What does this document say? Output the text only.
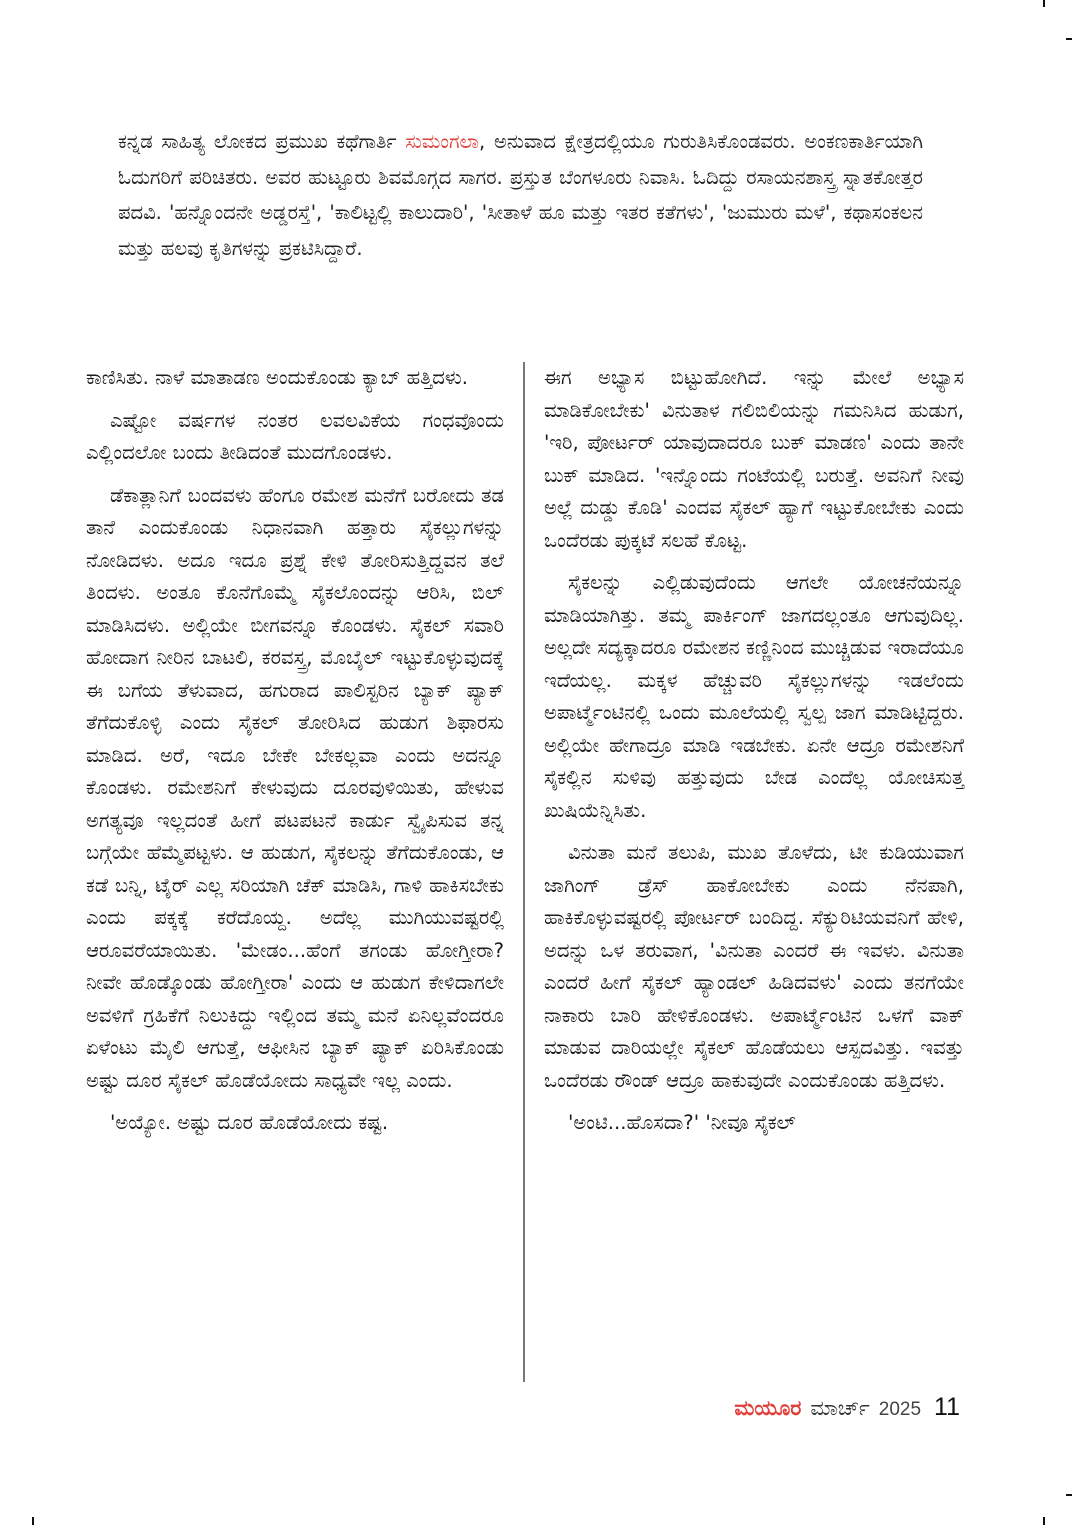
ಕನ್ನಡ ಸಾಹಿತ್ಯ ಲೋಕದ ಪ್ರಮುಖ ಕಥೆಗಾರ್ತಿ ಸುಮಂಗಲಾ, ಅನುವಾದ ಕ್ಷೇತ್ರದಲ್ಲಿಯೂ ಗುರುತಿಸಿಕೊಂಡವರು. ಅಂಕಣಕಾರ್ತಿಯಾಗಿ ಓದುಗರಿಗೆ ಪರಿಚಿತರು. ಅವರ ಹುಟ್ಟೂರು ಶಿವಮೊಗ್ಗದ ಸಾಗರ. ಪ್ರಸ್ತುತ ಬೆಂಗಳೂರು ನಿವಾಸಿ. ಓದಿದ್ದು ರಸಾಯನಶಾಸ್ತ್ರ ಸ್ನಾತಕೋತ್ತರ ಪದವಿ. 'ಹನ್ನೊಂದನೇ ಅಡ್ಡರಸ್ತೆ', 'ಕಾಲಿಟ್ಟಲ್ಲಿ ಕಾಲುದಾರಿ', 'ಸೀತಾಳೆ ಹೂ ಮತ್ತು ಇತರ ಕತೆಗಳು', 'ಜುಮುರು ಮಳೆ', ಕಥಾಸಂಕಲನ ಮತ್ತು ಹಲವು ಕೃತಿಗಳನ್ನು ಪ್ರಕಟಿಸಿದ್ದಾರೆ.

ಕಾಣಿಸಿತು. ನಾಳೆ ಮಾತಾಡಣ ಅಂದುಕೊಂಡು ಕ್ಯಾಬ್ ಹತ್ತಿದಳು.

ಎಷ್ಟೋ ವರ್ಷಗಳ ನಂತರ ಲವಲವಿಕೆಯ ಗಂಧವೊಂದು ಎಲ್ಲಿಂದಲೋ ಬಂದು ತೀಡಿದಂತೆ ಮುದಗೊಂಡಳು.

ಡೆಕಾತ್ಲಾನಿಗೆ ಬಂದವಳು ಹೆಂಗೂ ರಮೇಶ ಮನೆಗೆ ಬರೋದು ತಡ ತಾನೆ ಎಂದುಕೊಂಡು ನಿಧಾನವಾಗಿ ಹತ್ತಾರು ಸೈಕಲ್ಲುಗಳನ್ನು ನೋಡಿದಳು. ಅದೂ ಇದೂ ಪ್ರಶ್ನೆ ಕೇಳಿ ತೋರಿಸುತ್ತಿದ್ದವನ ತಲೆ ತಿಂದಳು. ಅಂತೂ ಕೊನೆಗೊಮ್ಮೆ ಸೈಕಲೊಂದನ್ನು ಆರಿಸಿ, ಬಿಲ್ ಮಾಡಿಸಿದಳು. ಅಲ್ಲಿಯೇ ಬೀಗವನ್ನೂ ಕೊಂಡಳು. ಸೈಕಲ್ ಸವಾರಿ ಹೋದಾಗ ನೀರಿನ ಬಾಟಲಿ, ಕರವಸ್ತ್ರ, ಮೊಬೈಲ್ ಇಟ್ಟುಕೊಳ್ಳುವುದಕ್ಕೆ ಈ ಬಗೆಯ ತೆಳುವಾದ, ಹಗುರಾದ ಪಾಲಿಸ್ಟರಿನ ಬ್ಯಾಕ್ ಪ್ಯಾಕ್ ತೆಗೆದುಕೊಳ್ಳಿ ಎಂದು ಸೈಕಲ್ ತೋರಿಸಿದ ಹುಡುಗ ಶಿಫಾರಸು ಮಾಡಿದ. ಅರೆ, ಇದೂ ಬೇಕೇ ಬೇಕಲ್ಲವಾ ಎಂದು ಅದನ್ನೂ ಕೊಂಡಳು. ರಮೇಶನಿಗೆ ಕೇಳುವುದು ದೂರವುಳಿಯಿತು, ಹೇಳುವ ಅಗತ್ಯವೂ ಇಲ್ಲದಂತೆ ಹೀಗೆ ಪಟಪಟನೆ ಕಾರ್ಡು ಸ್ವೈಪಿಸುವ ತನ್ನ ಬಗ್ಗೆಯೇ ಹೆಮ್ಮೆಪಟ್ಟಳು. ಆ ಹುಡುಗ, ಸೈಕಲನ್ನು ತೆಗೆದುಕೊಂಡು, ಆ ಕಡೆ ಬನ್ನಿ, ಟೈರ್ ಎಲ್ಲ ಸರಿಯಾಗಿ ಚೆಕ್ ಮಾಡಿಸಿ, ಗಾಳಿ ಹಾಕಿಸಬೇಕು ಎಂದು ಪಕ್ಕಕ್ಕೆ ಕರೆದೊಯ್ದ. ಅದೆಲ್ಲ ಮುಗಿಯುವಷ್ಟರಲ್ಲಿ ಆರೂವರೆಯಾಯಿತು. 'ಮೇಡಂ...ಹೆಂಗೆ ತಗಂಡು ಹೋಗ್ತೀರಾ? ನೀವೇ ಹೊಡ್ಕೊಂಡು ಹೋಗ್ತೀರಾ' ಎಂದು ಆ ಹುಡುಗ ಕೇಳಿದಾಗಲೇ ಅವಳಿಗೆ ಗ್ರಹಿಕೆಗೆ ನಿಲುಕಿದ್ದು ಇಲ್ಲಿಂದ ತಮ್ಮ ಮನೆ ಏನಿಲ್ಲವೆಂದರೂ ಏಳೆಂಟು ಮೈಲಿ ಆಗುತ್ತೆ, ಆಫೀಸಿನ ಬ್ಯಾಕ್ ಪ್ಯಾಕ್ ಏರಿಸಿಕೊಂಡು ಅಷ್ಟು ದೂರ ಸೈಕಲ್ ಹೊಡೆಯೋದು ಸಾಧ್ಯವೇ ಇಲ್ಲ ಎಂದು.

'ಅಯ್ಯೋ. ಅಷ್ಟು ದೂರ ಹೊಡೆಯೋದು ಕಷ್ಟ.

ಈಗ ಅಭ್ಯಾಸ ಬಿಟ್ಟುಹೋಗಿದೆ. ಇನ್ನು ಮೇಲೆ ಅಭ್ಯಾಸ ಮಾಡಿಕೋಬೇಕು' ವಿನುತಾಳ ಗಲಿಬಿಲಿಯನ್ನು ಗಮನಿಸಿದ ಹುಡುಗ, 'ಇರಿ, ಪೋರ್ಟರ್ ಯಾವುದಾದರೂ ಬುಕ್ ಮಾಡಣ' ಎಂದು ತಾನೇ ಬುಕ್ ಮಾಡಿದ. 'ಇನ್ನೊಂದು ಗಂಟೆಯಲ್ಲಿ ಬರುತ್ತೆ. ಅವನಿಗೆ ನೀವು ಅಲ್ಲೆ ದುಡ್ಡು ಕೊಡಿ' ಎಂದವ ಸೈಕಲ್ ಹ್ಯಾಗೆ ಇಟ್ಟುಕೋಬೇಕು ಎಂದು ಒಂದೆರಡು ಪುಕ್ಕಟೆ ಸಲಹೆ ಕೊಟ್ಟ.

ಸೈಕಲನ್ನು ಎಲ್ಲಿಡುವುದೆಂದು ಆಗಲೇ ಯೋಚನೆಯನ್ನೂ ಮಾಡಿಯಾಗಿತ್ತು. ತಮ್ಮ ಪಾರ್ಕಿಂಗ್ ಜಾಗದಲ್ಲಂತೂ ಆಗುವುದಿಲ್ಲ. ಅಲ್ಲದೇ ಸದ್ಯಕ್ಕಾದರೂ ರಮೇಶನ ಕಣ್ಣಿನಿಂದ ಮುಚ್ಚಿಡುವ ಇರಾದೆಯೂ ಇದೆಯಲ್ಲ. ಮಕ್ಕಳ ಹೆಚ್ಚುವರಿ ಸೈಕಲ್ಲುಗಳನ್ನು ಇಡಲೆಂದು ಅಪಾರ್ಟ್ಮೆಂಟಿನಲ್ಲಿ ಒಂದು ಮೂಲೆಯಲ್ಲಿ ಸ್ವಲ್ಪ ಜಾಗ ಮಾಡಿಟ್ಟಿದ್ದರು. ಅಲ್ಲಿಯೇ ಹೇಗಾದ್ರೂ ಮಾಡಿ ಇಡಬೇಕು. ಏನೇ ಆದ್ರೂ ರಮೇಶನಿಗೆ ಸೈಕಲ್ಲಿನ ಸುಳಿವು ಹತ್ತುವುದು ಬೇಡ ಎಂದೆಲ್ಲ ಯೋಚಿಸುತ್ತ ಖುಷಿಯೆನ್ನಿಸಿತು.

ವಿನುತಾ ಮನೆ ತಲುಪಿ, ಮುಖ ತೊಳೆದು, ಟೀ ಕುಡಿಯುವಾಗ ಜಾಗಿಂಗ್ ಡ್ರೆಸ್ ಹಾಕೋಬೇಕು ಎಂದು ನೆನಪಾಗಿ, ಹಾಕಿಕೊಳ್ಳುವಷ್ಟರಲ್ಲಿ ಪೋರ್ಟರ್ ಬಂದಿದ್ದ. ಸೆಕ್ಯುರಿಟಿಯವನಿಗೆ ಹೇಳಿ, ಅದನ್ನು ಒಳ ತರುವಾಗ, 'ವಿನುತಾ ಎಂದರೆ ಈ ಇವಳು. ವಿನುತಾ ಎಂದರೆ ಹೀಗೆ ಸೈಕಲ್ ಹ್ಯಾಂಡಲ್ ಹಿಡಿದವಳು' ಎಂದು ತನಗೆಯೇ ನಾಕಾರು ಬಾರಿ ಹೇಳಿಕೊಂಡಳು. ಅಪಾರ್ಟ್ಮೆಂಟಿನ ಒಳಗೆ ವಾಕ್ ಮಾಡುವ ದಾರಿಯಲ್ಲೇ ಸೈಕಲ್ ಹೊಡೆಯಲು ಆಸ್ಪದವಿತ್ತು. ಇವತ್ತು ಒಂದೆರಡು ರೌಂಡ್ ಆದ್ರೂ ಹಾಕುವುದೇ ಎಂದುಕೊಂಡು ಹತ್ತಿದಳು.

'ಅಂಟಿ...ಹೊಸದಾ?' 'ನೀವೂ ಸೈಕಲ್

ಮಯೂರ ಮಾರ್ಚ್ 2025 11
